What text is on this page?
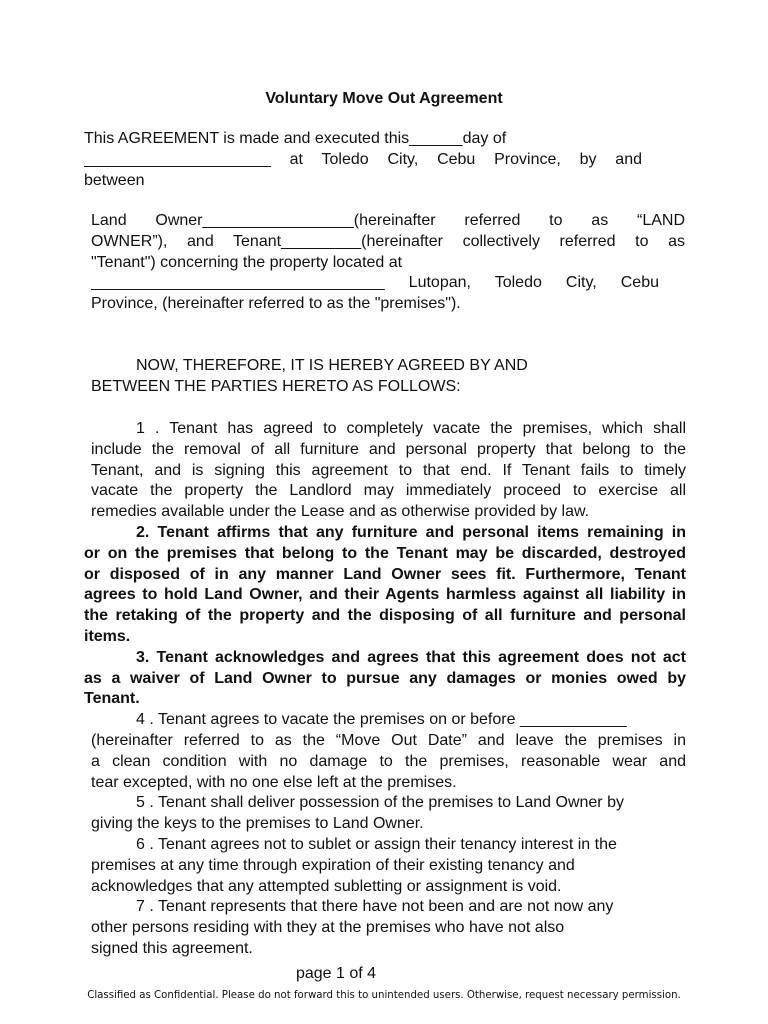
Voluntary Move Out Agreement
This AGREEMENT is made and executed this______day of
_____________________ at Toledo City, Cebu Province, by and
between
Land Owner_________________(hereinafter referred to as “LAND
OWNER”), and Tenant_________(hereinafter collectively referred to as
"Tenant") concerning the property located at
_________________________________ Lutopan, Toledo City, Cebu
Province, (hereinafter referred to as the "premises").
NOW, THEREFORE, IT IS HEREBY AGREED BY AND
BETWEEN THE PARTIES HERETO AS FOLLOWS:
1 . Tenant has agreed to completely vacate the premises, which shall
include the removal of all furniture and personal property that belong to the
Tenant, and is signing this agreement to that end. If Tenant fails to timely
vacate the property the Landlord may immediately proceed to exercise all
remedies available under the Lease and as otherwise provided by law.
2. Tenant affirms that any furniture and personal items remaining in
or on the premises that belong to the Tenant may be discarded, destroyed
or disposed of in any manner Land Owner sees fit. Furthermore, Tenant
agrees to hold Land Owner, and their Agents harmless against all liability in
the retaking of the property and the disposing of all furniture and personal
items.
3. Tenant acknowledges and agrees that this agreement does not act
as a waiver of Land Owner to pursue any damages or monies owed by
Tenant.
4 . Tenant agrees to vacate the premises on or before ____________
(hereinafter referred to as the “Move Out Date” and leave the premises in
a clean condition with no damage to the premises, reasonable wear and
tear excepted, with no one else left at the premises.
5 . Tenant shall deliver possession of the premises to Land Owner by
giving the keys to the premises to Land Owner.
6 . Tenant agrees not to sublet or assign their tenancy interest in the
premises at any time through expiration of their existing tenancy and
acknowledges that any attempted subletting or assignment is void.
7 . Tenant represents that there have not been and are not now any
other persons residing with they at the premises who have not also
signed this agreement.
page 1 of 4
Classified as Confidential. Please do not forward this to unintended users. Otherwise, request necessary permission.
